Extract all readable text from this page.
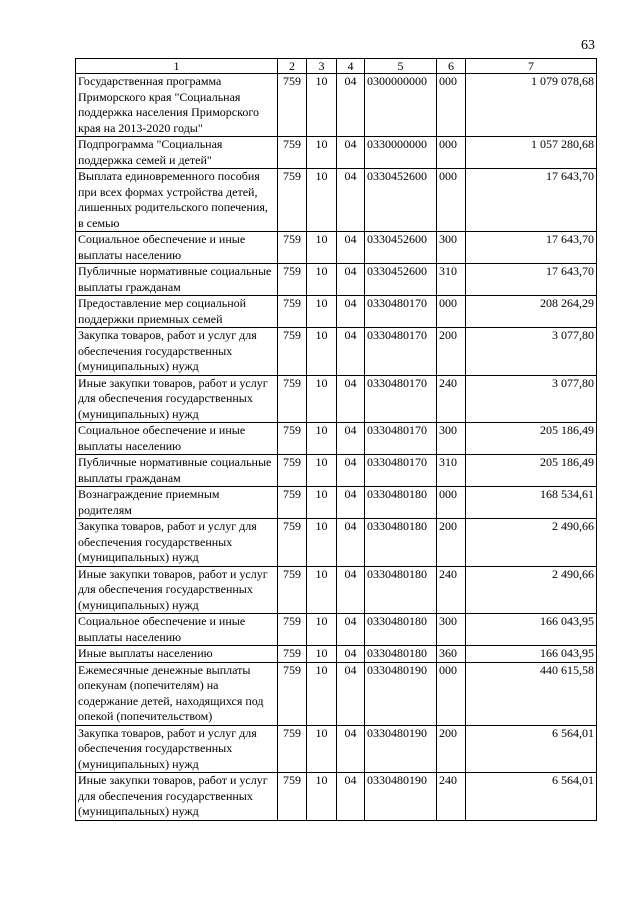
63
1	2	3	4	5	6	7
Государственная программа Приморского края "Социальная поддержка населения Приморского края на 2013-2020 годы"	759	10	04	0300000000	000	1 079 078,68
Подпрограмма "Социальная поддержка семей и детей"	759	10	04	0330000000	000	1 057 280,68
Выплата единовременного пособия при всех формах устройства детей, лишенных родительского попечения, в семью	759	10	04	0330452600	000	17 643,70
Социальное обеспечение и иные выплаты населению	759	10	04	0330452600	300	17 643,70
Публичные нормативные социальные выплаты гражданам	759	10	04	0330452600	310	17 643,70
Предоставление мер социальной поддержки приемных семей	759	10	04	0330480170	000	208 264,29
Закупка товаров, работ и услуг для обеспечения государственных (муниципальных) нужд	759	10	04	0330480170	200	3 077,80
Иные закупки товаров, работ и услуг для обеспечения государственных (муниципальных) нужд	759	10	04	0330480170	240	3 077,80
Социальное обеспечение и иные выплаты населению	759	10	04	0330480170	300	205 186,49
Публичные нормативные социальные выплаты гражданам	759	10	04	0330480170	310	205 186,49
Вознаграждение приемным родителям	759	10	04	0330480180	000	168 534,61
Закупка товаров, работ и услуг для обеспечения государственных (муниципальных) нужд	759	10	04	0330480180	200	2 490,66
Иные закупки товаров, работ и услуг для обеспечения государственных (муниципальных) нужд	759	10	04	0330480180	240	2 490,66
Социальное обеспечение и иные выплаты населению	759	10	04	0330480180	300	166 043,95
Иные выплаты населению	759	10	04	0330480180	360	166 043,95
Ежемесячные денежные выплаты опекунам (попечителям) на содержание детей, находящихся под опекой (попечительством)	759	10	04	0330480190	000	440 615,58
Закупка товаров, работ и услуг для обеспечения государственных (муниципальных) нужд	759	10	04	0330480190	200	6 564,01
Иные закупки товаров, работ и услуг для обеспечения государственных (муниципальных) нужд	759	10	04	0330480190	240	6 564,01
